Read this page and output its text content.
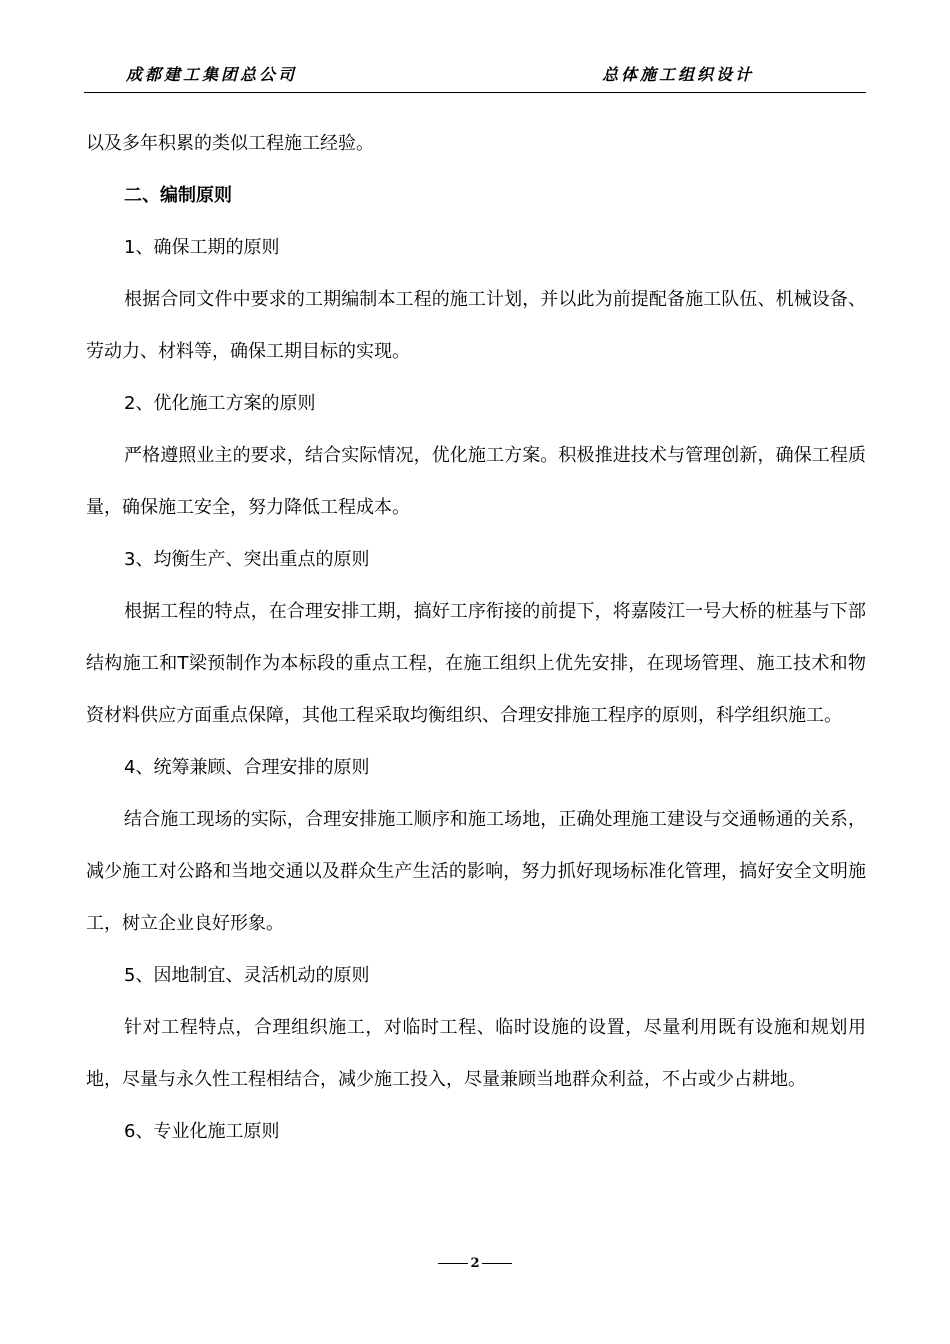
成都建工集团总公司	总体施工组织设计

以及多年积累的类似工程施工经验。

二、编制原则

1、确保工期的原则

根据合同文件中要求的工期编制本工程的施工计划，并以此为前提配备施工队伍、机械设备、劳动力、材料等，确保工期目标的实现。

2、优化施工方案的原则

严格遵照业主的要求，结合实际情况，优化施工方案。积极推进技术与管理创新，确保工程质量，确保施工安全，努力降低工程成本。

3、均衡生产、突出重点的原则

根据工程的特点，在合理安排工期，搞好工序衔接的前提下，将嘉陵江一号大桥的桩基与下部结构施工和T梁预制作为本标段的重点工程，在施工组织上优先安排，在现场管理、施工技术和物资材料供应方面重点保障，其他工程采取均衡组织、合理安排施工程序的原则，科学组织施工。

4、统筹兼顾、合理安排的原则

结合施工现场的实际，合理安排施工顺序和施工场地，正确处理施工建设与交通畅通的关系，减少施工对公路和当地交通以及群众生产生活的影响，努力抓好现场标准化管理，搞好安全文明施工，树立企业良好形象。

5、因地制宜、灵活机动的原则

针对工程特点，合理组织施工，对临时工程、临时设施的设置，尽量利用既有设施和规划用地，尽量与永久性工程相结合，减少施工投入，尽量兼顾当地群众利益，不占或少占耕地。

6、专业化施工原则

2
